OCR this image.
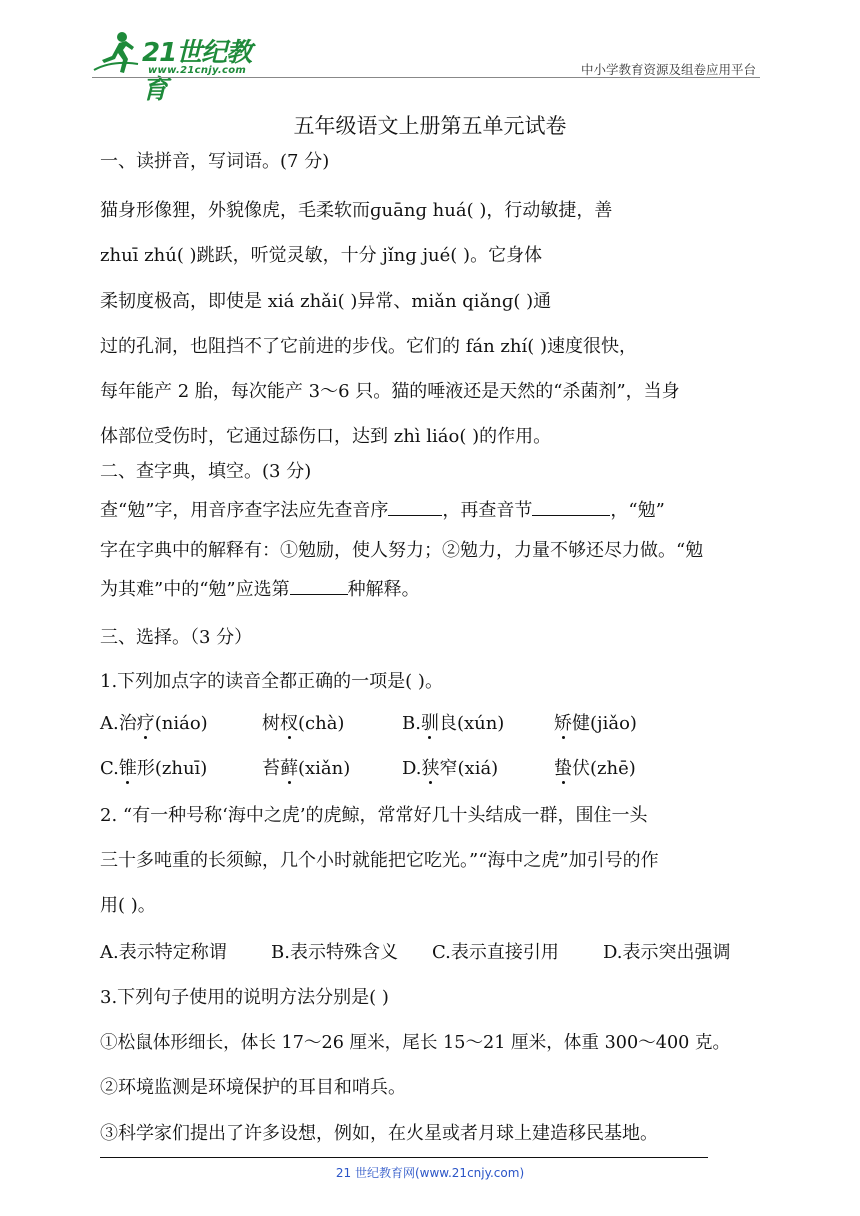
21世纪教育
www.21cnjy.com	中小学教育资源及组卷应用平台
五年级语文上册第五单元试卷
一、读拼音，写词语。(7 分)
猫身形像狸，外貌像虎，毛柔软而ɡuānɡ huá( )，行动敏捷，善
zhuī zhú( )跳跃，听觉灵敏，十分 jǐnɡ jué( )。它身体
柔韧度极高，即使是 xiá zhǎi( )异常、miǎn qiǎnɡ( )通
过的孔洞，也阻挡不了它前进的步伐。它们的 fán zhí( )速度很快，
每年能产 2 胎，每次能产 3～6 只。猫的唾液还是天然的“杀菌剂”，当身
体部位受伤时，它通过舔伤口，达到 zhì liáo( )的作用。
二、查字典，填空。(3 分)
查“勉”字，用音序查字法应先查音序	，再查音节	，“勉”
字在字典中的解释有：①勉励，使人努力；②勉力，力量不够还尽力做。“勉
为其难”中的“勉”应选第	种解释。
三、选择。（3 分）
1.下列加点字的读音全都正确的一项是( )。
A.治疗(niáo)	树杈(chà)	B.驯良(xún)	矫健(jiǎo)
C.锥形(zhuī)	苔藓(xiǎn)	D.狭窄(xiá)	蛰伏(zhē)
2. “有一种号称‘海中之虎’的虎鲸，常常好几十头结成一群，围住一头
三十多吨重的长须鲸，几个小时就能把它吃光。”“海中之虎”加引号的作
用( )。
A.表示特定称谓 B.表示特殊含义 C.表示直接引用 D.表示突出强调
3.下列句子使用的说明方法分别是( )
①松鼠体形细长，体长 17～26 厘米，尾长 15～21 厘米，体重 300～400 克。
②环境监测是环境保护的耳目和哨兵。
③科学家们提出了许多设想，例如，在火星或者月球上建造移民基地。
21 世纪教育网(www.21cnjy.com)
